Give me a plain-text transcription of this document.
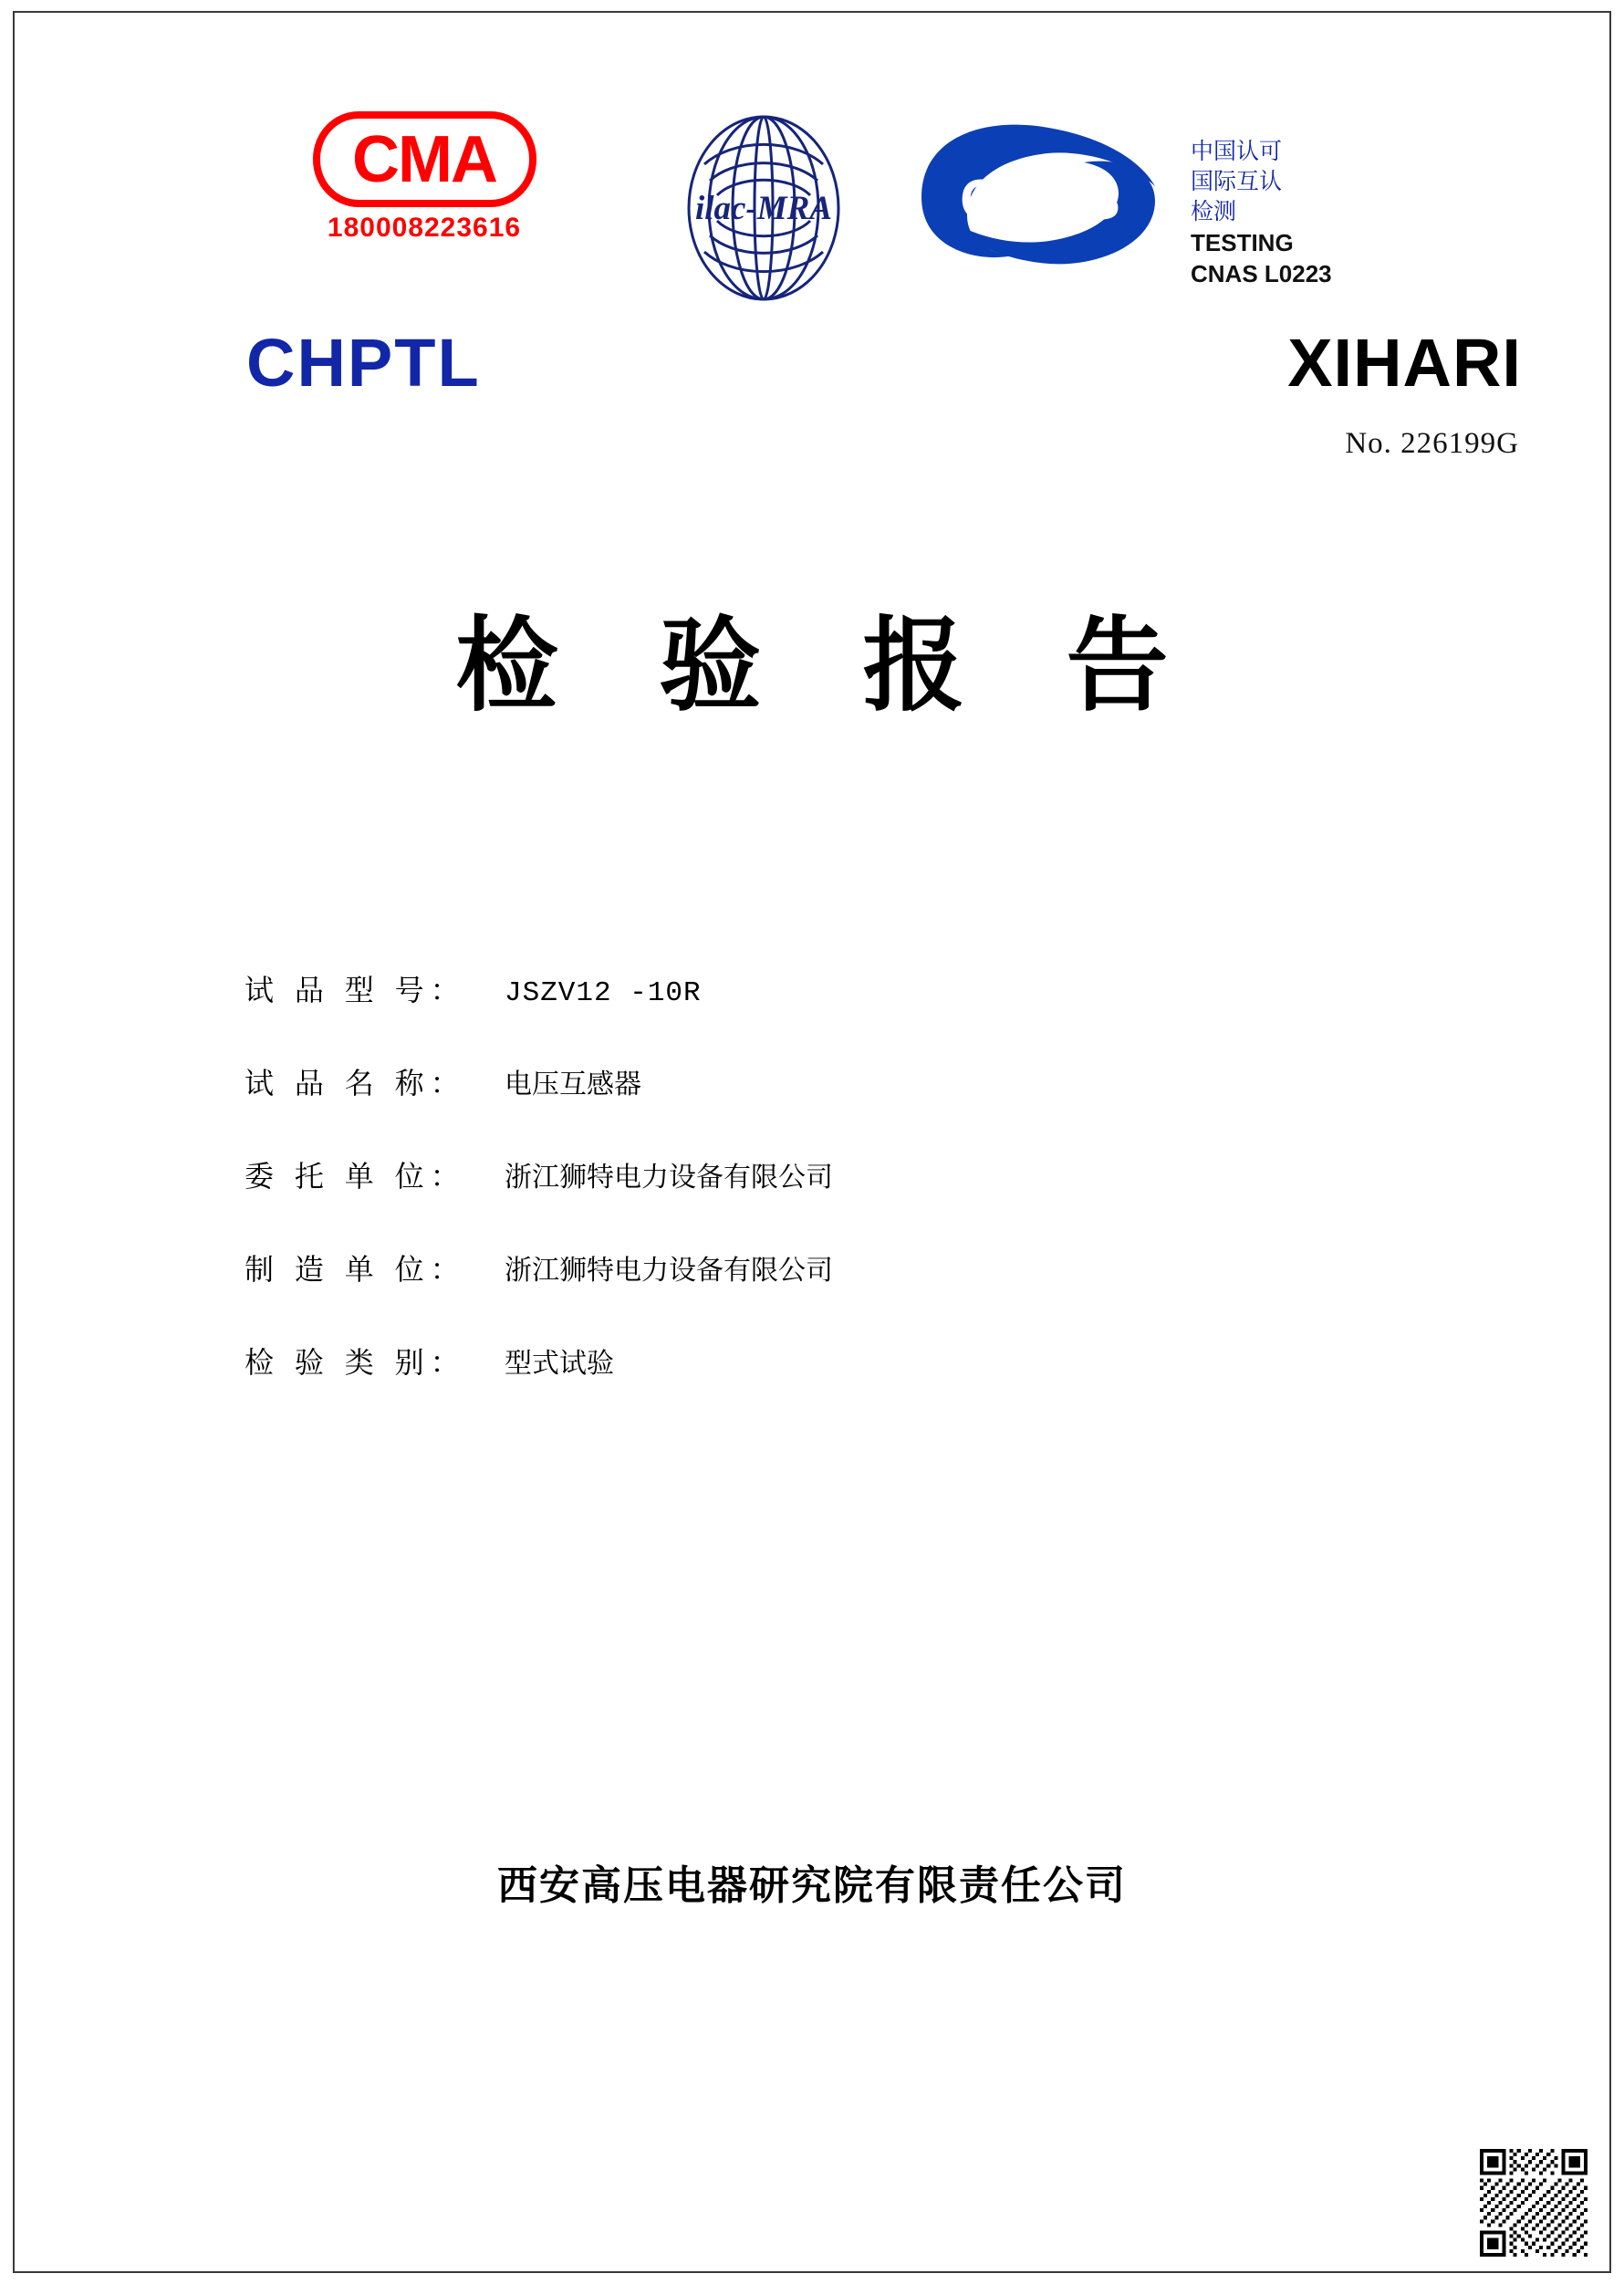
CMA
180008223616
ilac-MRA CNAS
中国认可
国际互认
检测
TESTING
CNAS L0223
CHPTL	XIHARI
No. 226199G
检 验 报 告
试 品 型 号：	JSZV12 -10R
试 品 名 称：	电压互感器
委 托 单 位：	浙江狮特电力设备有限公司
制 造 单 位：	浙江狮特电力设备有限公司
检 验 类 别：	型式试验
西安高压电器研究院有限责任公司
